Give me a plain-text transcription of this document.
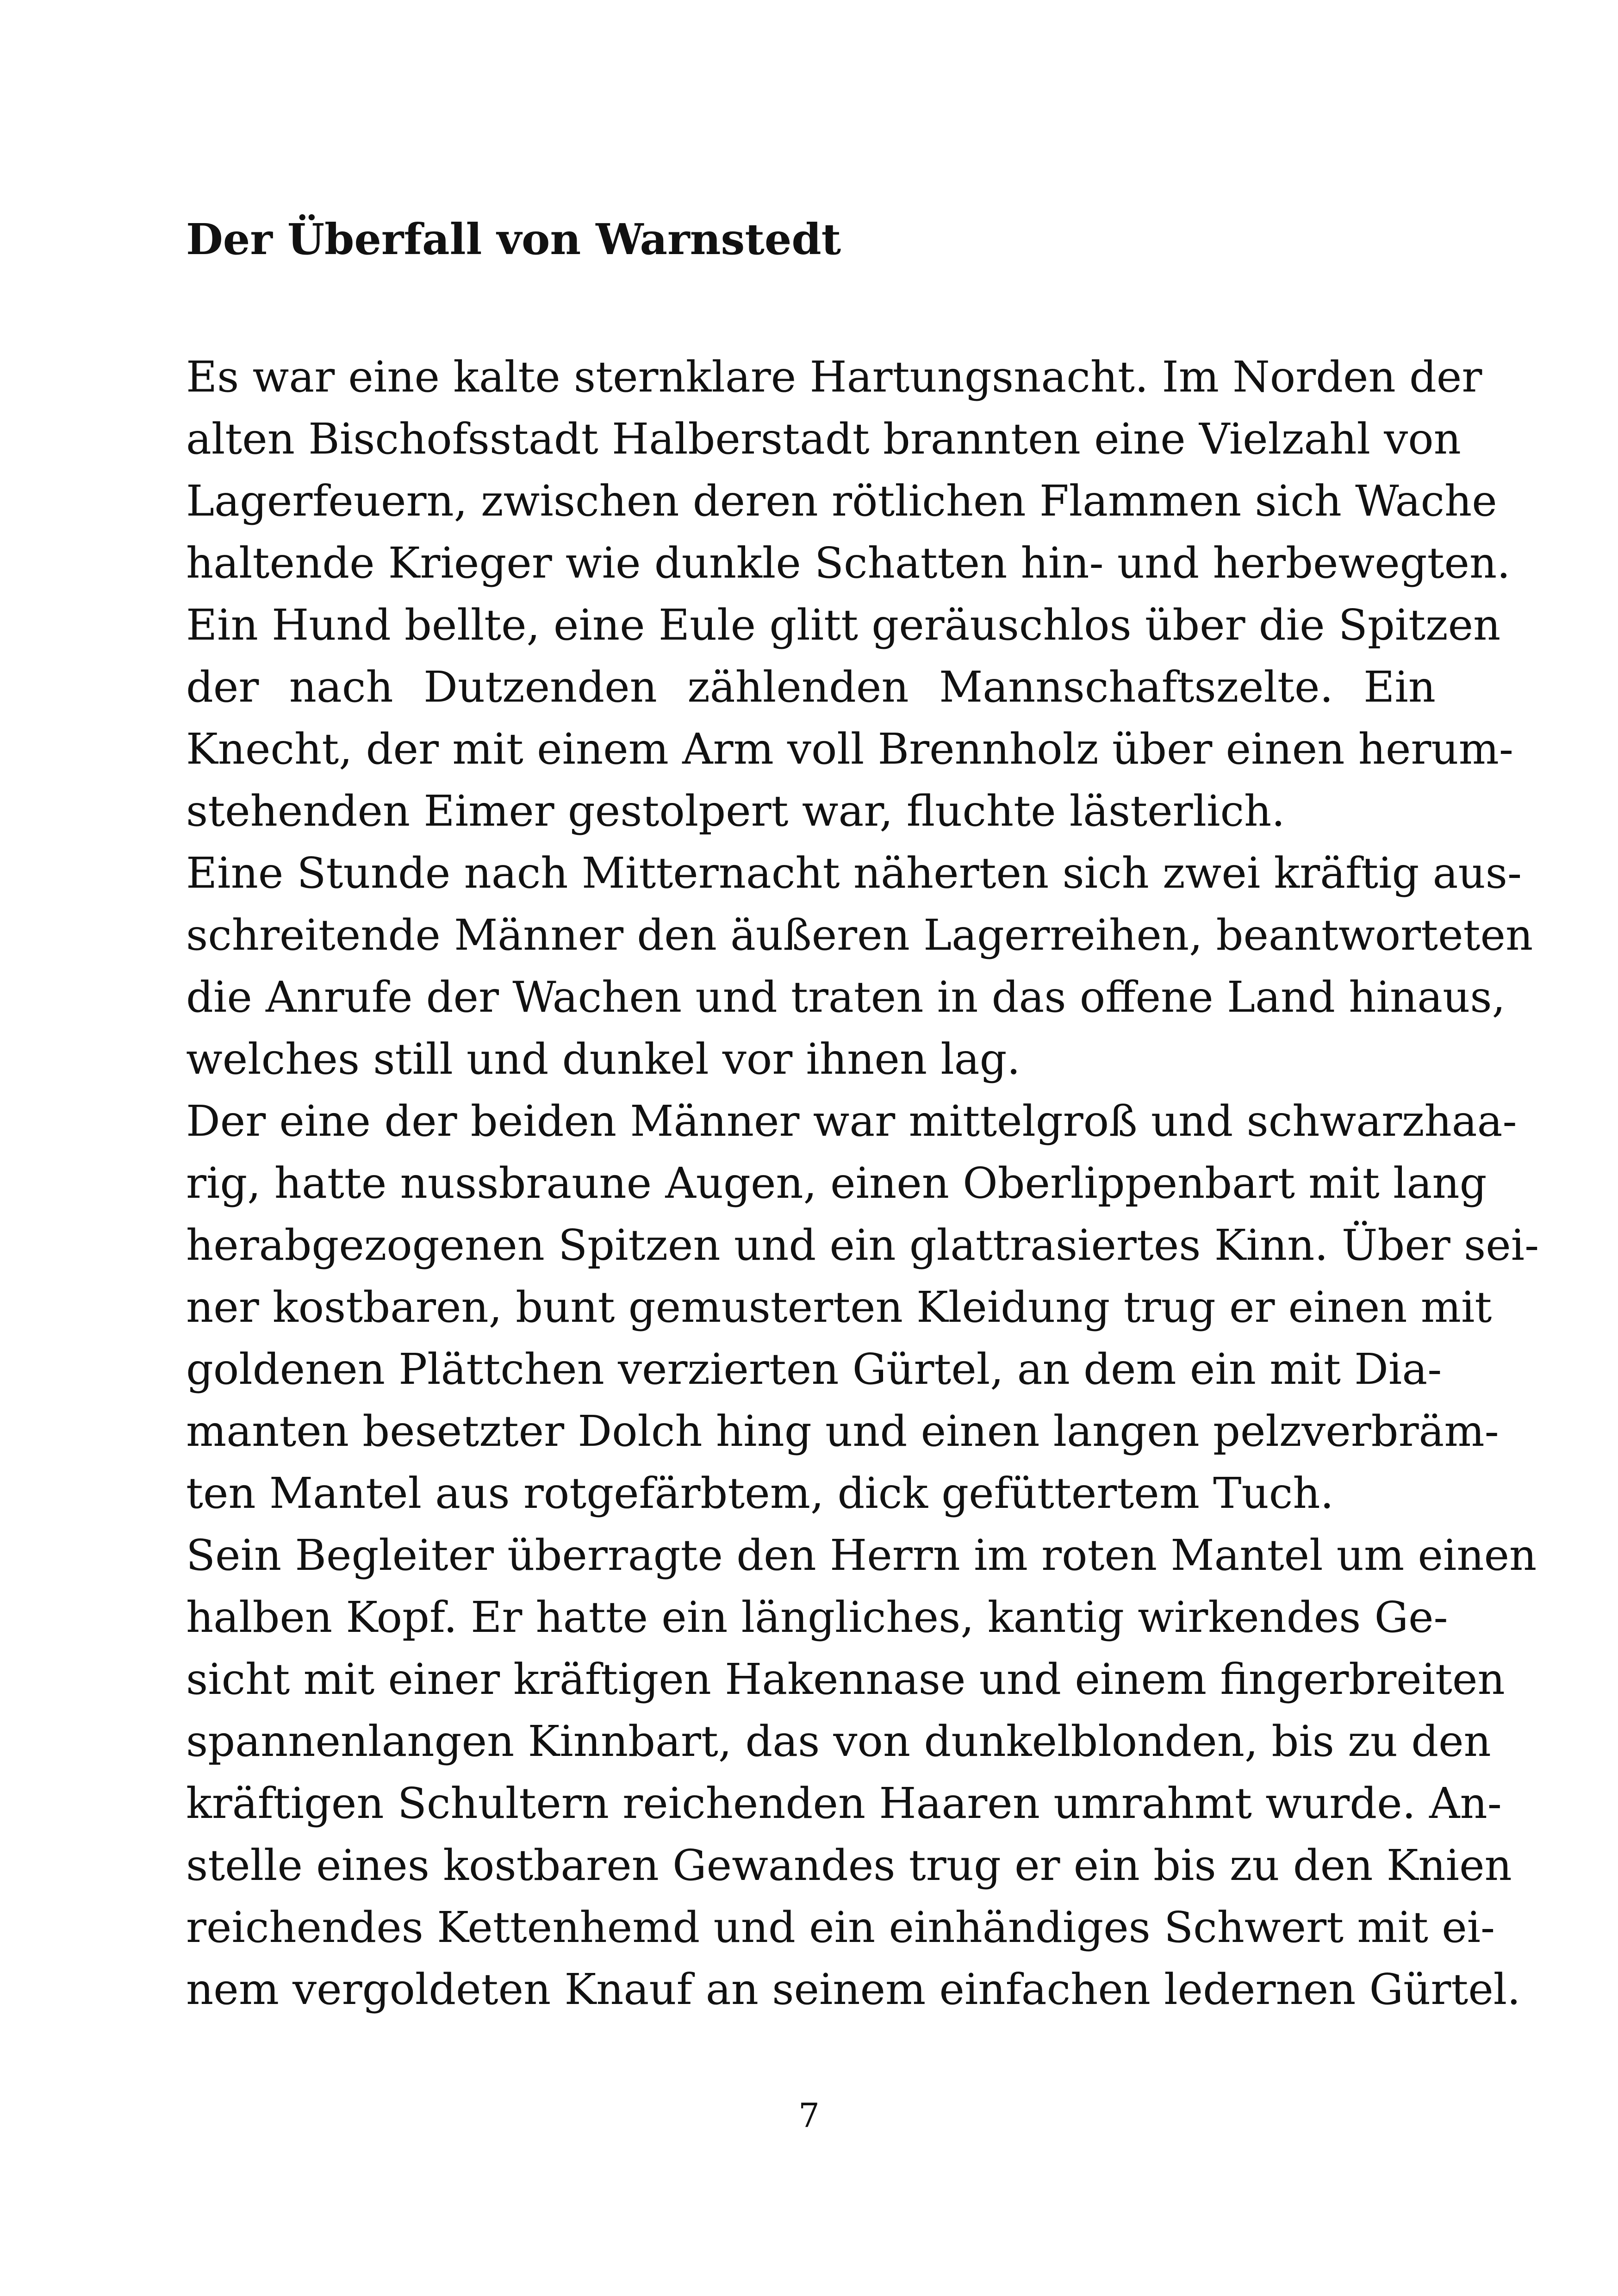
Der Überfall von Warnstedt
Es war eine kalte sternklare Hartungsnacht. Im Norden der
alten Bischofsstadt Halberstadt brannten eine Vielzahl von
Lagerfeuern, zwischen deren rötlichen Flammen sich Wache
haltende Krieger wie dunkle Schatten hin- und herbewegten.
Ein Hund bellte, eine Eule glitt geräuschlos über die Spitzen
der nach Dutzenden zählenden Mannschaftszelte. Ein
Knecht, der mit einem Arm voll Brennholz über einen herum-
stehenden Eimer gestolpert war, fluchte lästerlich.
Eine Stunde nach Mitternacht näherten sich zwei kräftig aus-
schreitende Männer den äußeren Lagerreihen, beantworteten
die Anrufe der Wachen und traten in das offene Land hinaus,
welches still und dunkel vor ihnen lag.
Der eine der beiden Männer war mittelgroß und schwarzhaa-
rig, hatte nussbraune Augen, einen Oberlippenbart mit lang
herabgezogenen Spitzen und ein glattrasiertes Kinn. Über sei-
ner kostbaren, bunt gemusterten Kleidung trug er einen mit
goldenen Plättchen verzierten Gürtel, an dem ein mit Dia-
manten besetzter Dolch hing und einen langen pelzverbräm-
ten Mantel aus rotgefärbtem, dick gefüttertem Tuch.
Sein Begleiter überragte den Herrn im roten Mantel um einen
halben Kopf. Er hatte ein längliches, kantig wirkendes Ge-
sicht mit einer kräftigen Hakennase und einem fingerbreiten
spannenlangen Kinnbart, das von dunkelblonden, bis zu den
kräftigen Schultern reichenden Haaren umrahmt wurde. An-
stelle eines kostbaren Gewandes trug er ein bis zu den Knien
reichendes Kettenhemd und ein einhändiges Schwert mit ei-
nem vergoldeten Knauf an seinem einfachen ledernen Gürtel.
7
